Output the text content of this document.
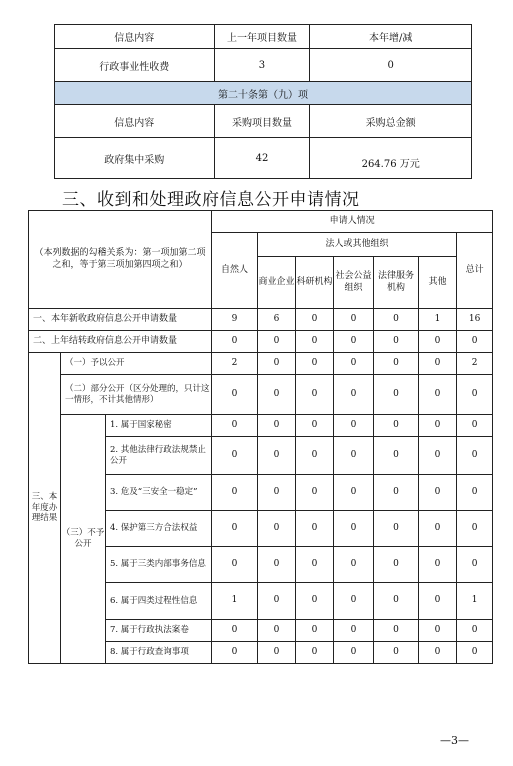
信息内容	上一年项目数量	本年增/减
行政事业性收费	3	0
第二十条第（九）项		
信息内容	采购项目数量	采购总金额
政府集中采购	42	264.76 万元
三、收到和处理政府信息公开申请情况
（本列数据的勾稽关系为：第一项加第二项之和，等于第三项加第四项之和）			申请人情况						
			自然人	法人或其他组织					总计
				商业企业	科研机构	社会公益组织	法律服务机构	其他	
一、本年新收政府信息公开申请数量			9	6	0	0	0	1	16
二、上年结转政府信息公开申请数量			0	0	0	0	0	0	0
三、本年度办理结果	（一）予以公开		2	0	0	0	0	0	2
	（二）部分公开（区分处理的，只计这一情形，不计其他情形）		0	0	0	0	0	0	0
	（三）不予公开	1. 属于国家秘密	0	0	0	0	0	0	0
		2. 其他法律行政法规禁止公开	0	0	0	0	0	0	0
		3. 危及“三安全一稳定”	0	0	0	0	0	0	0
		4. 保护第三方合法权益	0	0	0	0	0	0	0
		5. 属于三类内部事务信息	0	0	0	0	0	0	0
		6. 属于四类过程性信息	1	0	0	0	0	0	1
		7. 属于行政执法案卷	0	0	0	0	0	0	0
		8. 属于行政查询事项	0	0	0	0	0	0	0
—3—
